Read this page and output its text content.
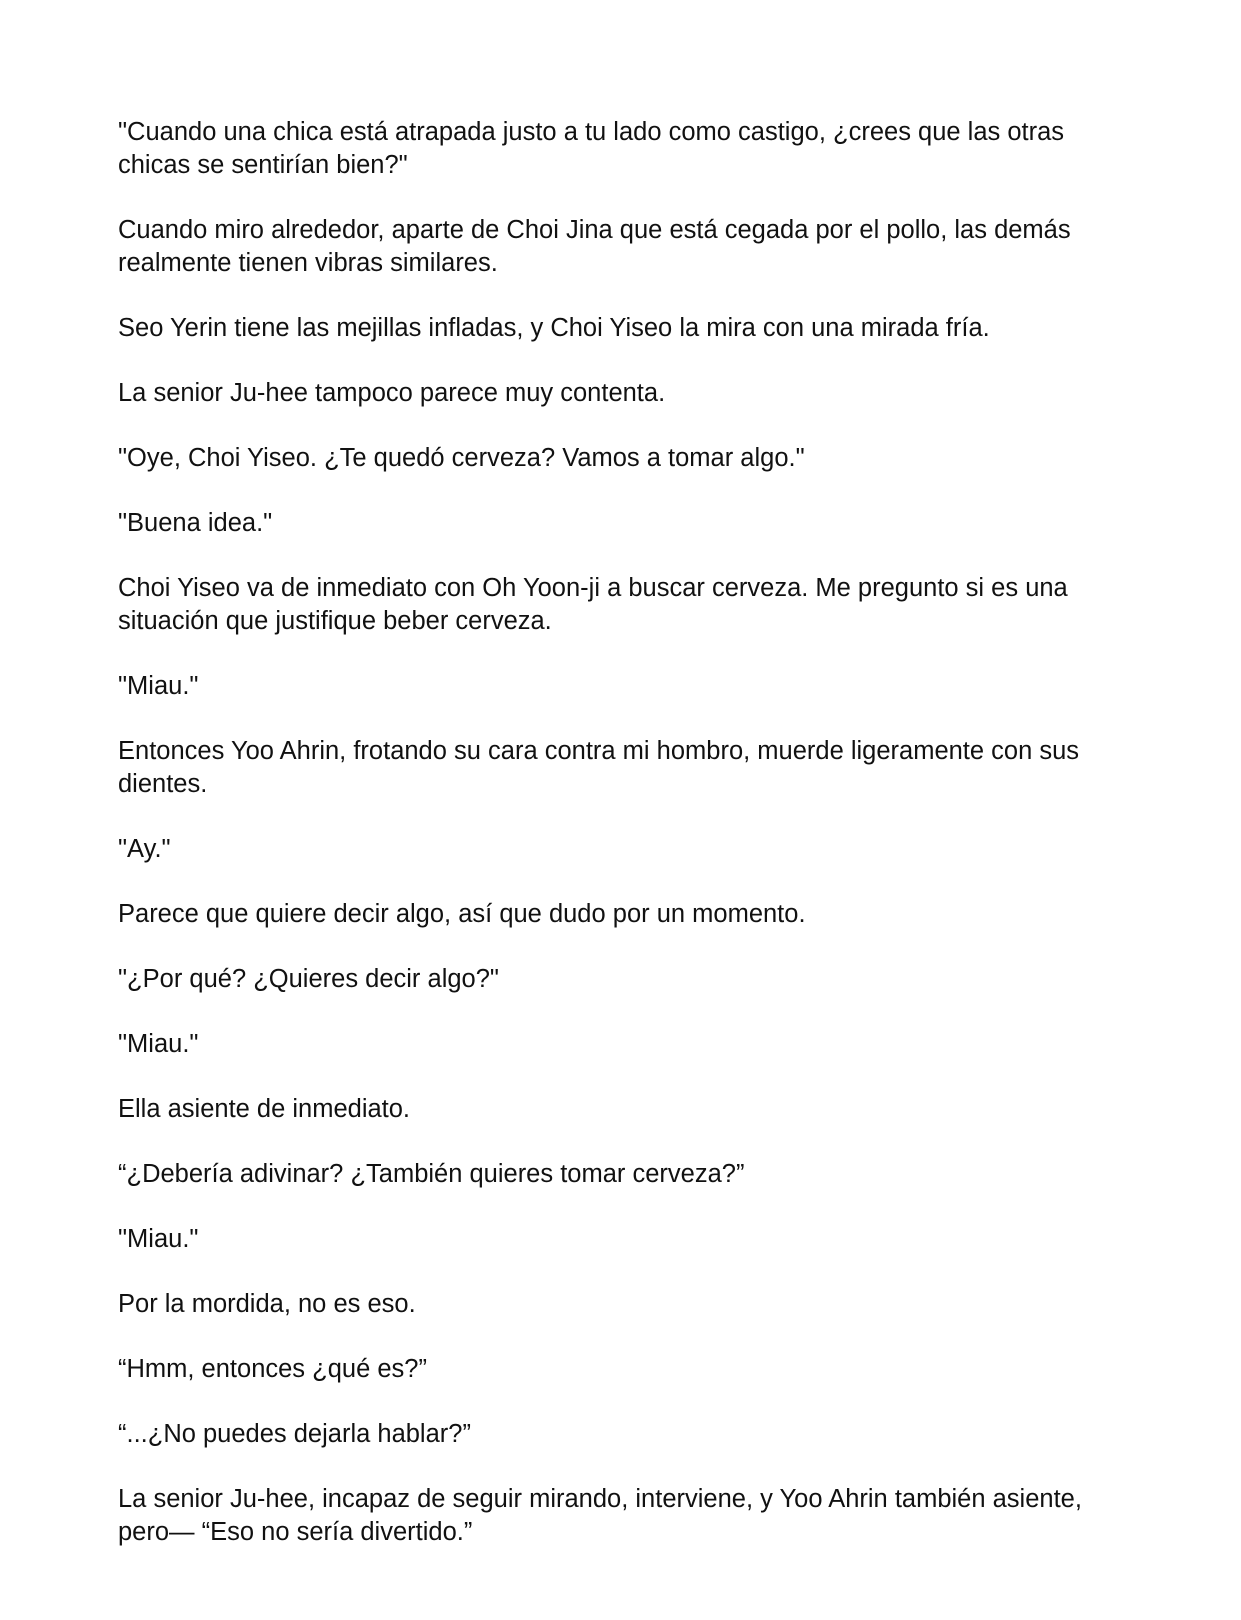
"Cuando una chica está atrapada justo a tu lado como castigo, ¿crees que las otras chicas se sentirían bien?"

Cuando miro alrededor, aparte de Choi Jina que está cegada por el pollo, las demás realmente tienen vibras similares.

Seo Yerin tiene las mejillas infladas, y Choi Yiseo la mira con una mirada fría.

La senior Ju-hee tampoco parece muy contenta.

"Oye, Choi Yiseo. ¿Te quedó cerveza? Vamos a tomar algo."

"Buena idea."

Choi Yiseo va de inmediato con Oh Yoon-ji a buscar cerveza. Me pregunto si es una situación que justifique beber cerveza.

"Miau."

Entonces Yoo Ahrin, frotando su cara contra mi hombro, muerde ligeramente con sus dientes.

"Ay."

Parece que quiere decir algo, así que dudo por un momento.

"¿Por qué? ¿Quieres decir algo?"

"Miau."

Ella asiente de inmediato.

“¿Debería adivinar? ¿También quieres tomar cerveza?”

"Miau."

Por la mordida, no es eso.

“Hmm, entonces ¿qué es?”

“...¿No puedes dejarla hablar?”

La senior Ju-hee, incapaz de seguir mirando, interviene, y Yoo Ahrin también asiente, pero— “Eso no sería divertido.”
